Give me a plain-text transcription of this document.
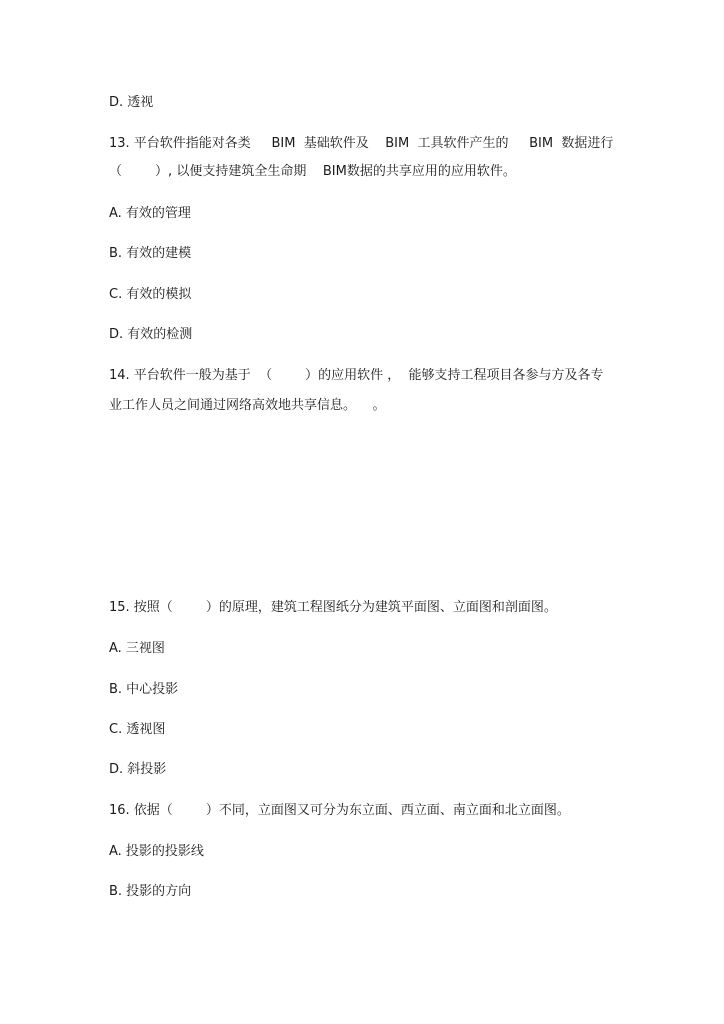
D. 透视

13. 平台软件指能对各类     BIM  基础软件及    BIM  工具软件产生的     BIM  数据进行

（        ）, 以便支持建筑全生命期    BIM数据的共享应用的应用软件。

A. 有效的管理

B. 有效的建模

C. 有效的模拟

D. 有效的检测

14. 平台软件一般为基于  （        ）的应用软件 ，  能够支持工程项目各参与方及各专

业工作人员之间通过网络高效地共享信息。    。

15. 按照（        ）的原理，建筑工程图纸分为建筑平面图、立面图和剖面图。

A. 三视图

B. 中心投影

C. 透视图

D. 斜投影

16. 依据（        ）不同，立面图又可分为东立面、西立面、南立面和北立面图。

A. 投影的投影线

B. 投影的方向
